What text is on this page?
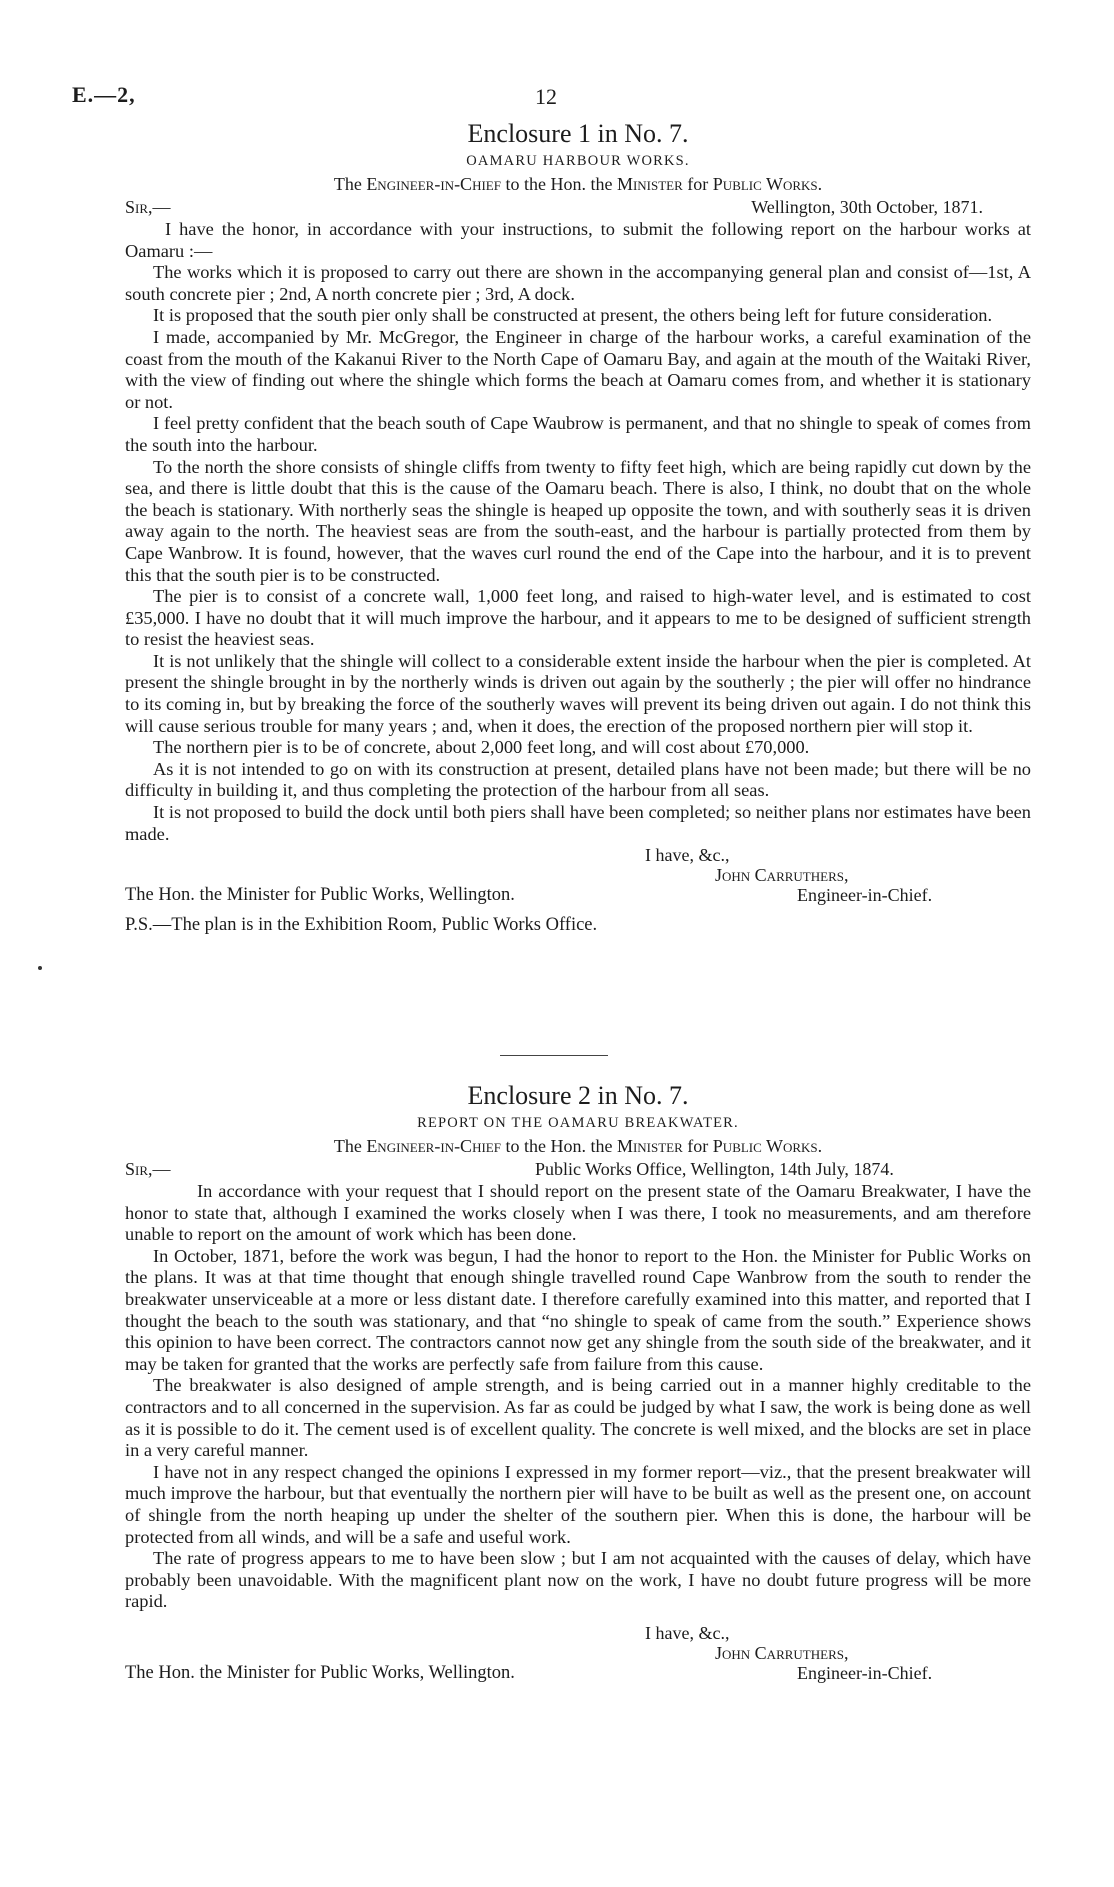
E.—2,	12
Enclosure 1 in No. 7.
OAMARU HARBOUR WORKS.
The Engineer-in-Chief to the Hon. the Minister for Public Works.
Sir,—	Wellington, 30th October, 1871.

I have the honor, in accordance with your instructions, to submit the following report on the harbour works at Oamaru :—

The works which it is proposed to carry out there are shown in the accompanying general plan and consist of—1st, A south concrete pier ; 2nd, A north concrete pier ; 3rd, A dock.

It is proposed that the south pier only shall be constructed at present, the others being left for future consideration.

I made, accompanied by Mr. McGregor, the Engineer in charge of the harbour works, a careful examination of the coast from the mouth of the Kakanui River to the North Cape of Oamaru Bay, and again at the mouth of the Waitaki River, with the view of finding out where the shingle which forms the beach at Oamaru comes from, and whether it is stationary or not.

I feel pretty confident that the beach south of Cape Waubrow is permanent, and that no shingle to speak of comes from the south into the harbour.

To the north the shore consists of shingle cliffs from twenty to fifty feet high, which are being rapidly cut down by the sea, and there is little doubt that this is the cause of the Oamaru beach. There is also, I think, no doubt that on the whole the beach is stationary. With northerly seas the shingle is heaped up opposite the town, and with southerly seas it is driven away again to the north. The heaviest seas are from the south-east, and the harbour is partially protected from them by Cape Wanbrow. It is found, however, that the waves curl round the end of the Cape into the harbour, and it is to prevent this that the south pier is to be constructed.

The pier is to consist of a concrete wall, 1,000 feet long, and raised to high-water level, and is estimated to cost £35,000. I have no doubt that it will much improve the harbour, and it appears to me to be designed of sufficient strength to resist the heaviest seas.

It is not unlikely that the shingle will collect to a considerable extent inside the harbour when the pier is completed. At present the shingle brought in by the northerly winds is driven out again by the southerly ; the pier will offer no hindrance to its coming in, but by breaking the force of the southerly waves will prevent its being driven out again. I do not think this will cause serious trouble for many years ; and, when it does, the erection of the proposed northern pier will stop it.

The northern pier is to be of concrete, about 2,000 feet long, and will cost about £70,000.

As it is not intended to go on with its construction at present, detailed plans have not been made; but there will be no difficulty in building it, and thus completing the protection of the harbour from all seas.

It is not proposed to build the dock until both piers shall have been completed; so neither plans nor estimates have been made.

I have, &c.,
John Carruthers,
Engineer-in-Chief.
The Hon. the Minister for Public Works, Wellington.
P.S.—The plan is in the Exhibition Room, Public Works Office.
Enclosure 2 in No. 7.
REPORT ON THE OAMARU BREAKWATER.
The Engineer-in-Chief to the Hon. the Minister for Public Works.
Sir,—	Public Works Office, Wellington, 14th July, 1874.

In accordance with your request that I should report on the present state of the Oamaru Breakwater, I have the honor to state that, although I examined the works closely when I was there, I took no measurements, and am therefore unable to report on the amount of work which has been done.

In October, 1871, before the work was begun, I had the honor to report to the Hon. the Minister for Public Works on the plans. It was at that time thought that enough shingle travelled round Cape Wanbrow from the south to render the breakwater unserviceable at a more or less distant date. I therefore carefully examined into this matter, and reported that I thought the beach to the south was stationary, and that “no shingle to speak of came from the south.” Experience shows this opinion to have been correct. The contractors cannot now get any shingle from the south side of the breakwater, and it may be taken for granted that the works are perfectly safe from failure from this cause.

The breakwater is also designed of ample strength, and is being carried out in a manner highly creditable to the contractors and to all concerned in the supervision. As far as could be judged by what I saw, the work is being done as well as it is possible to do it. The cement used is of excellent quality. The concrete is well mixed, and the blocks are set in place in a very careful manner.

I have not in any respect changed the opinions I expressed in my former report—viz., that the present breakwater will much improve the harbour, but that eventually the northern pier will have to be built as well as the present one, on account of shingle from the north heaping up under the shelter of the southern pier. When this is done, the harbour will be protected from all winds, and will be a safe and useful work.

The rate of progress appears to me to have been slow ; but I am not acquainted with the causes of delay, which have probably been unavoidable. With the magnificent plant now on the work, I have no doubt future progress will be more rapid.

I have, &c.,
John Carruthers,
Engineer-in-Chief.
The Hon. the Minister for Public Works, Wellington.
